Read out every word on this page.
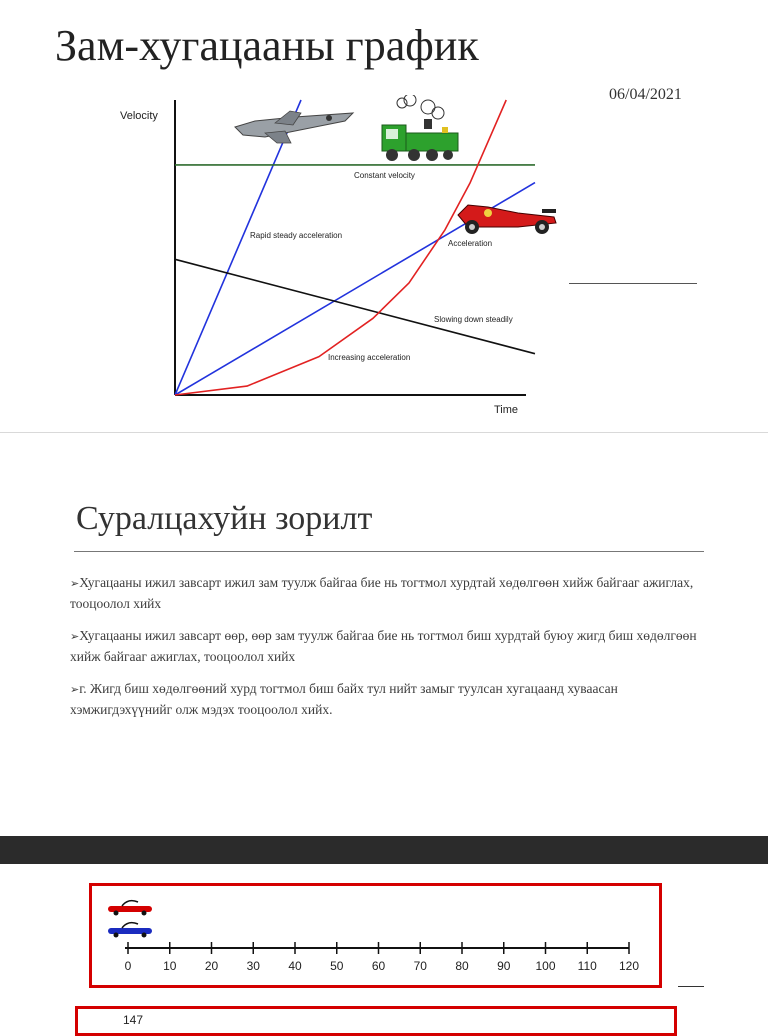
Зам-хугацааны график
06/04/2021
Velocity
Time
Constant velocity
Rapid steady acceleration
Acceleration
Slowing down steadily
Increasing acceleration
Суралцахуйн зорилт
➢Хугацааны ижил завсарт ижил зам туулж байгаа бие нь тогтмол хурдтай хөдөлгөөн хийж байгааг ажиглах, тооцоолол хийх
➢Хугацааны ижил завсарт өөр, өөр зам туулж байгаа бие нь тогтмол биш хурдтай буюу жигд биш хөдөлгөөн хийж байгааг ажиглах, тооцоолол хийх
➢г. Жигд биш хөдөлгөөний хурд тогтмол биш байх тул нийт замыг туулсан хугацаанд хуваасан хэмжигдэхүүнийг олж мэдэх тооцоолол хийх.
0	10 20 30 40 50 60 70 80 90 100 110 120
147
